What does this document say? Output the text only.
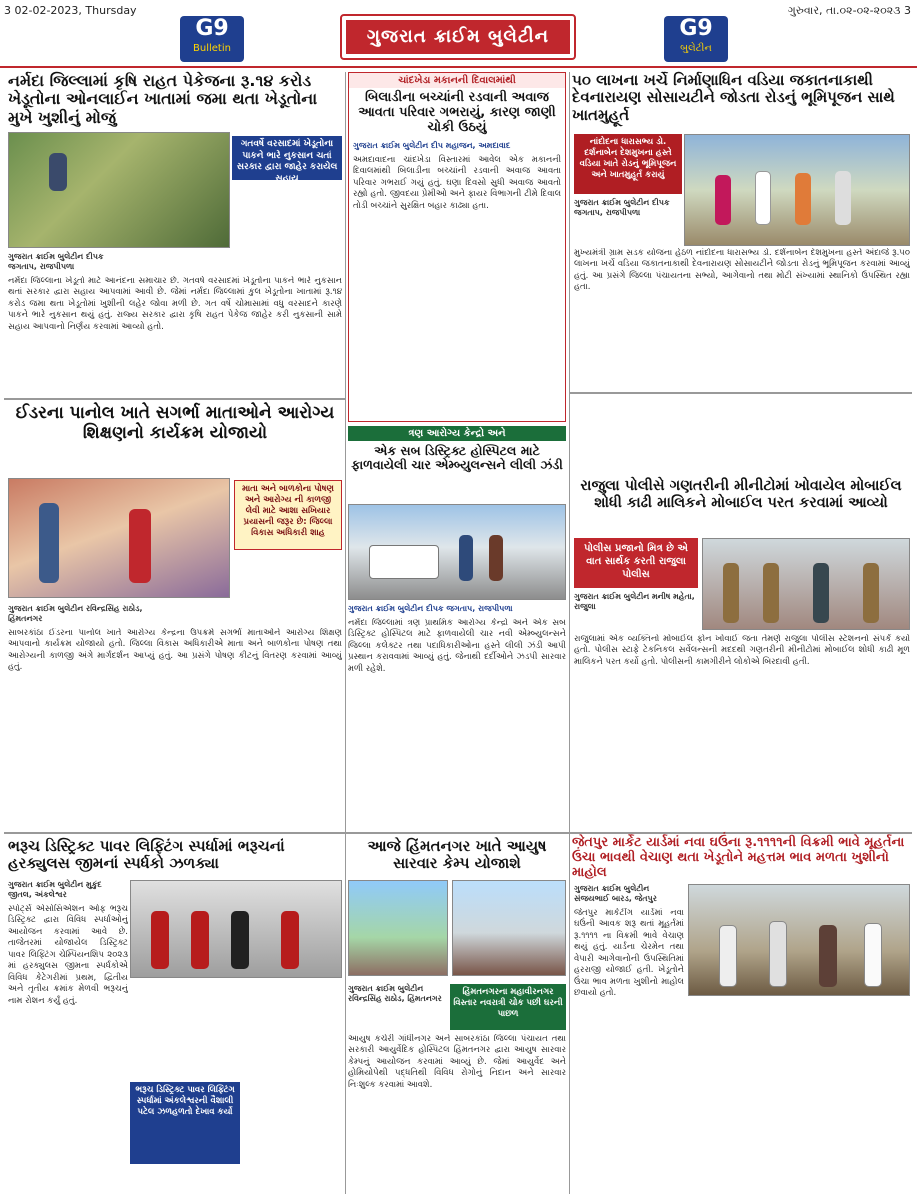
3 02-02-2023, Thursday	ગુરુવાર, તા.૦૨-૦૨-૨૦૨૩ 3
G9
Bulletin
ગુજરાત ક્રાઈમ બુલેટીન	G9
બુલેટીન
નર્મદા જિલ્લામાં કૃષિ રાહત પેકેજના રૂ.૧૪ કરોડ ખેડૂતોના ઓનલાઈન ખાતામાં જમા થતા ખેડૂતોના મુખે ખુશીનું મોજું
ગતવર્ષે વરસાદમાં ખેડૂતોના પાકને ભારે નુકસાન ચતાં સરકાર દ્વારા જાહેર કરાયેલ સહાય
ગુજરાત ક્રાઈમ બુલેટીન દીપક જગતાપ, રાજપીપળા
નર્મદા જિલ્લાના ખેડૂતો માટે આનંદના સમાચાર છે. ગતવર્ષે વરસાદમાં ખેડૂતોના પાકને ભારે નુકસાન થતાં સરકાર દ્વારા સહાય આપવામાં આવી છે. જેમાં નર્મદા જિલ્લામાં કુલ ખેડૂતોના ખાતામાં રૂ.૧૪ કરોડ જમા થતા ખેડૂતોમાં ખુશીની લહેર જોવા મળી છે. ગત વર્ષે ચોમાસામાં વધુ વરસાદને કારણે પાકને ભારે નુકસાન થયું હતું. રાજ્ય સરકાર દ્વારા કૃષિ રાહત પેકેજ જાહેર કરી નુકસાની સામે સહાય આપવાનો નિર્ણય કરવામાં આવ્યો હતો.
ચાંદખેડા મકાનની દિવાલમાંથી
બિલાડીના બચ્ચાંની રડવાની અવાજ આવતા પરિવાર ગભરાયું, કારણ જાણી ચોકી ઉઠયું
ગુજરાત ક્રાઈમ બુલેટીન દીપ મહાજન, અમદાવાદ
અમદાવાદના ચાંદખેડા વિસ્તારમાં આવેલ એક મકાનની દિવાલમાંથી બિલાડીના બચ્ચાંની રડવાની અવાજ આવતા પરિવાર ગભરાઈ ગયું હતું. ઘણા દિવસો સુધી અવાજ આવતો રહ્યો હતો. જીવદયા પ્રેમીઓ અને ફાયર વિભાગની ટીમે દિવાલ તોડી બચ્ચાંને સુરક્ષિત બહાર કાઢ્યા હતા.
૫૦ લાખના ખર્ચે નિર્માણાધિન વડિયા જકાતનાકાથી દેવનારાયણ સોસાયટીને જોડતા રોડનું ભૂમિપૂજન સાથે ખાતમુહૂર્ત
નાંદોદના ધારાસભ્ય ડો. દર્શનાબેન દેશમુખના હસ્તે વડિયા ખાતે રોડનું ભૂમિપૂજન અને ખાતમુહૂર્ત કરાયું
ગુજરાત ક્રાઈમ બુલેટીન દીપક જગતાપ, રાજપીપળા
મુખ્યમંત્રી ગ્રામ સડક યોજના હેઠળ નાંદોદના ધારાસભ્ય ડો. દર્શનાબેન દેશમુખના હસ્તે અંદાજે રૂ.૫૦ લાખના ખર્ચે વડિયા જકાતનાકાથી દેવનારાયણ સોસાયટીને જોડતા રોડનું ભૂમિપૂજન કરવામાં આવ્યું હતું. આ પ્રસંગે જિલ્લા પંચાયતના સભ્યો, આગેવાનો તથા મોટી સંખ્યામાં સ્થાનિકો ઉપસ્થિત રહ્યા હતા.
ઈડરના પાનોલ ખાતે સગર્ભા માતાઓને આરોગ્ય શિક્ષણનો કાર્યક્રમ યોજાયો
માતા અને બાળકોના પોષણ અને આરોગ્ય ની કાળજી લેવી માટે આશા સખિયાર પ્રયાસની જરૂર છે: જિલ્લા વિકાસ અધિકારી શાહ
ગુજરાત ક્રાઈમ બુલેટીન રવિન્દ્રસિંહ રાઠોડ, હિંમતનગર
સાબરકાંઠા ઈડરના પાનોલ ખાતે આરોગ્ય કેન્દ્રના ઉપક્રમે સગર્ભા માતાઓને આરોગ્ય શિક્ષણ આપવાનો કાર્યક્રમ યોજાયો હતો. જિલ્લા વિકાસ અધિકારીએ માતા અને બાળકોના પોષણ તથા આરોગ્યની કાળજી અંગે માર્ગદર્શન આપ્યું હતું. આ પ્રસંગે પોષણ કીટનું વિતરણ કરવામાં આવ્યું હતું.
ત્રણ આરોગ્ય કેન્દ્રો અને
એક સબ ડિસ્ટ્રિક્ટ હોસ્પિટલ માટે ફાળવાયેલી ચાર એમ્બ્યુલન્સને લીલી ઝંડી
ગુજરાત ક્રાઈમ બુલેટીન દીપક જગતાપ, રાજપીપળા
નર્મદા જિલ્લામાં ત્રણ પ્રાથમિક આરોગ્ય કેન્દ્રો અને એક સબ ડિસ્ટ્રિક્ટ હોસ્પિટલ માટે ફાળવાયેલી ચાર નવી એમ્બ્યુલન્સને જિલ્લા કલેક્ટર તથા પદાધિકારીઓના હસ્તે લીલી ઝંડી આપી પ્રસ્થાન કરાવવામાં આવ્યું હતું. જેનાથી દર્દીઓને ઝડપી સારવાર મળી રહેશે.
રાજુલા પોલીસે ગણતરીની મીનીટોમાં ખોવાયેલ મોબાઈલ શોધી કાઢી માલિકને મોબાઈલ પરત કરવામાં આવ્યો
પોલીસ પ્રજાનો મિત્ર છે એ વાત સાર્થક કરતી રાજુલા પોલીસ
ગુજરાત ક્રાઈમ બુલેટીન મનીષ મહેતા, રાજુલા
રાજુલામાં એક વ્યક્તિનો મોબાઈલ ફોન ખોવાઈ જતા તેમણે રાજુલા પોલીસ સ્ટેશનનો સંપર્ક કર્યો હતો. પોલીસ સ્ટાફે ટેકનિકલ સર્વેલન્સની મદદથી ગણતરીની મીનીટોમાં મોબાઈલ શોધી કાઢી મૂળ માલિકને પરત કર્યો હતો. પોલીસની કામગીરીને લોકોએ બિરદાવી હતી.
ભરૂચ ડિસ્ટ્રિક્ટ પાવર લિફ્ટિંગ સ્પર્ધામાં ભરૂચનાં હરક્યુલસ જીમનાં સ્પર્ધકો ઝળક્યા
ગુજરાત ક્રાઈમ બુલેટીન મુકુંદ જીતલ, અંકલેશ્વર
સ્પોર્ટ્સ એસોસિએશન ઓફ ભરૂચ ડિસ્ટ્રિક્ટ દ્વારા વિવિધ સ્પર્ધાઓનું આયોજન કરવામાં આવે છે. તાજેતરમાં યોજાયેલ ડિસ્ટ્રિક્ટ પાવર લિફ્ટિંગ ચેમ્પિયનશિપ ૨૦૨૩ માં હરક્યુલસ જીમના સ્પર્ધકોએ વિવિધ કેટેગરીમાં પ્રથમ, દ્વિતીય અને તૃતીય ક્રમાંક મેળવી ભરૂચનું નામ રોશન કર્યું હતું.
ભરૂચ ડિસ્ટ્રિક્ટ પાવર લિફ્ટિંગ સ્પર્ધામાં અંકલેશ્વરની વૈશાલી પટેલ ઝળહળતો દેખાવ કર્યો
આજે હિંમતનગર ખાતે આયુષ સારવાર કેમ્પ યોજાશે
ગુજરાત ક્રાઈમ બુલેટીન રવિન્દ્રસિંહ રાઠોડ, હિંમતનગર
હિંમતનગરના મહાવીરનગર વિસ્તાર નવરાત્રી ચોક પછી ઘરની પાછળ
આયુષ કચેરી ગાંધીનગર અને સાબરકાંઠા જિલ્લા પંચાયત તથા સરકારી આયુર્વેદિક હોસ્પિટલ હિંમતનગર દ્વારા આયુષ સારવાર કેમ્પનું આયોજન કરવામાં આવ્યું છે. જેમાં આયુર્વેદ અને હોમિયોપેથી પદ્ધતિથી વિવિધ રોગોનું નિદાન અને સારવાર નિઃશુલ્ક કરવામાં આવશે.
જેતપુર માર્કેટ યાર્ડમાં નવા ઘઉંના રૂ.૧૧૧૧ની વિક્રમી ભાવે મૂહર્તના ઉંચા ભાવથી વેચાણ થતા ખેડૂતોને મહત્તમ ભાવ મળતા ખુશીનો માહોલ
ગુજરાત ક્રાઈમ બુલેટીન સંજયભાઈ બારડ, જેતપુર
જેતપુર માર્કેટીંગ યાર્ડમાં નવા ઘઉંની આવક શરૂ થતાં મૂહર્તમાં રૂ.૧૧૧૧ ના વિક્રમી ભાવે વેચાણ થયું હતું. યાર્ડના ચેરમેન તથા વેપારી આગેવાનોની ઉપસ્થિતિમાં હરરાજી યોજાઈ હતી. ખેડૂતોને ઉંચા ભાવ મળતા ખુશીનો માહોલ છવાયો હતો.
